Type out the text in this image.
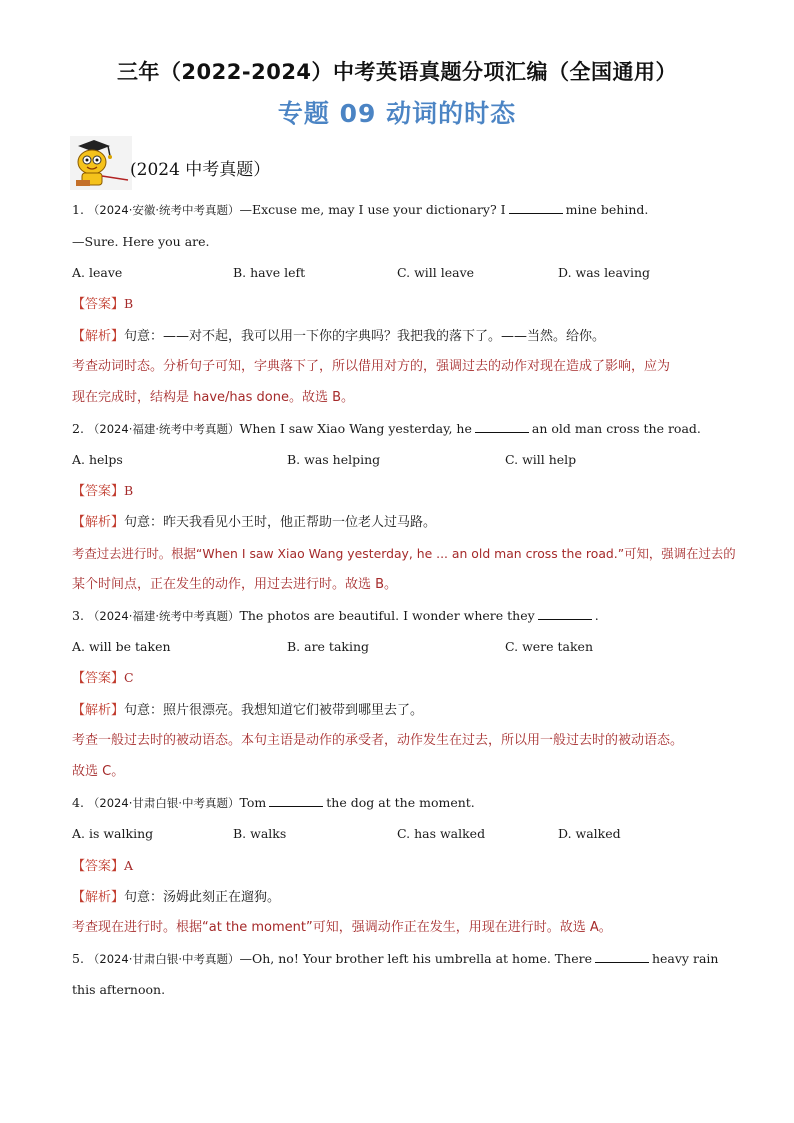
三年（2022-2024）中考英语真题分项汇编（全国通用）
专题 09 动词的时态
(2024 中考真题）
1. （2024·安徽·统考中考真题）—Excuse me, may I use your dictionary? I	mine behind.
—Sure. Here you are.
A. leave	B. have left	C. will leave	D. was leaving
【答案】B
【解析】句意：——对不起，我可以用一下你的字典吗？我把我的落下了。——当然。给你。
考查动词时态。分析句子可知，字典落下了，所以借用对方的，强调过去的动作对现在造成了影响，应为
现在完成时，结构是 have/has done。故选 B。
2. （2024·福建·统考中考真题）When I saw Xiao Wang yesterday, he	an old man cross the road.
A. helps	B. was helping	C. will help
【答案】B
【解析】句意：昨天我看见小王时，他正帮助一位老人过马路。
考查过去进行时。根据“When I saw Xiao Wang yesterday, he ... an old man cross the road.”可知，强调在过去的
某个时间点，正在发生的动作，用过去进行时。故选 B。
3. （2024·福建·统考中考真题）The photos are beautiful. I wonder where they	.
A. will be taken	B. are taking	C. were taken
【答案】C
【解析】句意：照片很漂亮。我想知道它们被带到哪里去了。
考查一般过去时的被动语态。本句主语是动作的承受者，动作发生在过去，所以用一般过去时的被动语态。
故选 C。
4. （2024·甘肃白银·中考真题）Tom	the dog at the moment.
A. is walking	B. walks	C. has walked	D. walked
【答案】A
【解析】句意：汤姆此刻正在遛狗。
考查现在进行时。根据“at the moment”可知，强调动作正在发生，用现在进行时。故选 A。
5. （2024·甘肃白银·中考真题）—Oh, no! Your brother left his umbrella at home. There	heavy rain
this afternoon.
